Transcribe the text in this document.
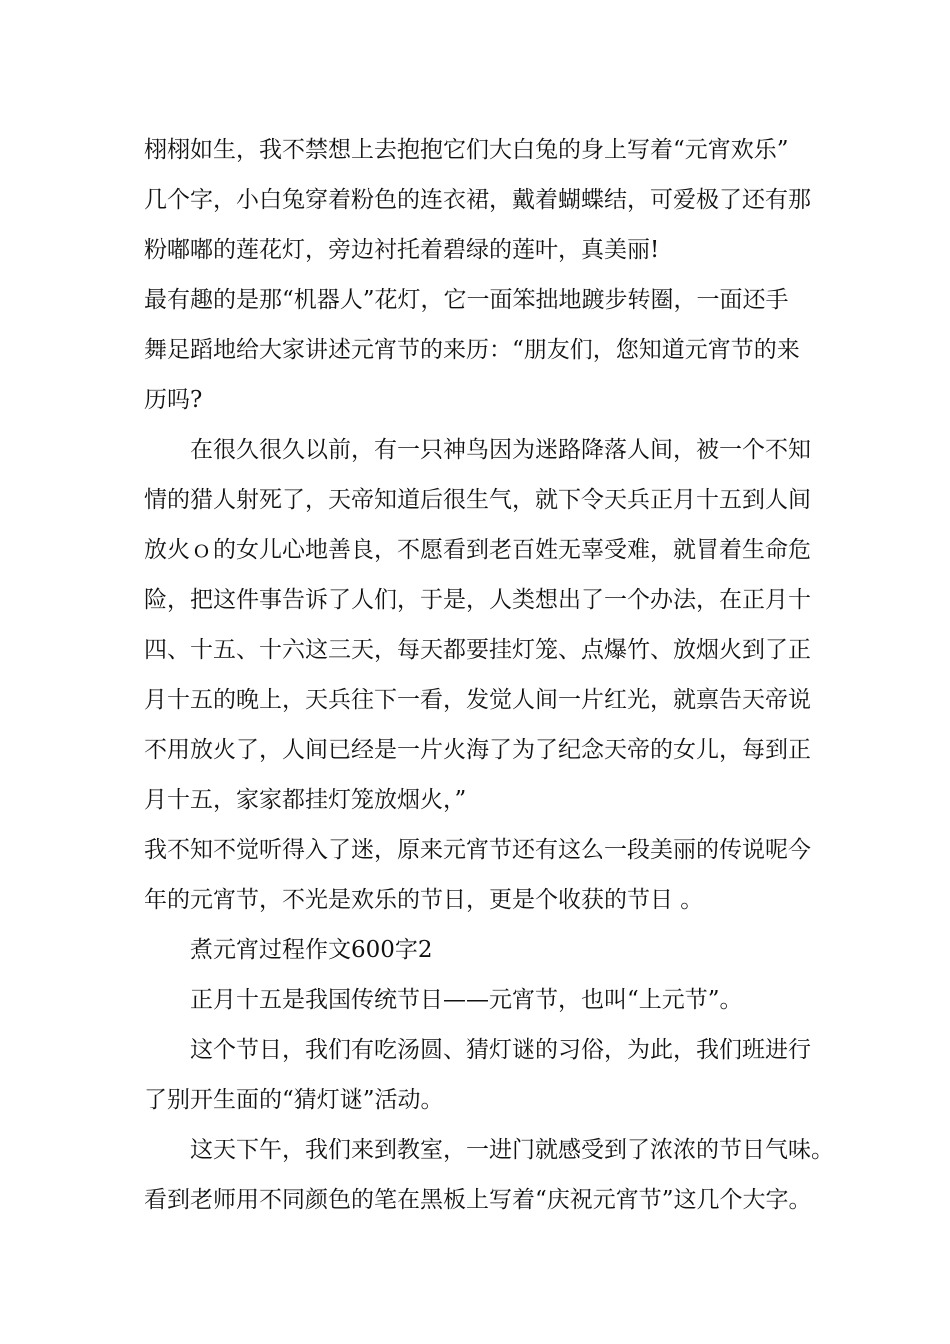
栩栩如生，我不禁想上去抱抱它们大白兔的身上写着“元宵欢乐”
几个字，小白兔穿着粉色的连衣裙，戴着蝴蝶结，可爱极了还有那
粉嘟嘟的莲花灯，旁边衬托着碧绿的莲叶，真美丽!
最有趣的是那“机器人”花灯，它一面笨拙地踱步转圈，一面还手
舞足蹈地给大家讲述元宵节的来历：“朋友们，您知道元宵节的来
历吗?
在很久很久以前，有一只神鸟因为迷路降落人间，被一个不知
情的猎人射死了，天帝知道后很生气，就下令天兵正月十五到人间
放火ｏ的女儿心地善良，不愿看到老百姓无辜受难，就冒着生命危
险，把这件事告诉了人们，于是，人类想出了一个办法，在正月十
四、十五、十六这三天，每天都要挂灯笼、点爆竹、放烟火到了正
月十五的晚上，天兵往下一看，发觉人间一片红光，就禀告天帝说
不用放火了，人间已经是一片火海了为了纪念天帝的女儿，每到正
月十五，家家都挂灯笼放烟火，”
我不知不觉听得入了迷，原来元宵节还有这么一段美丽的传说呢今
年的元宵节，不光是欢乐的节日，更是个收获的节日 。
煮元宵过程作文600字2
正月十五是我国传统节日——元宵节，也叫“上元节”。
这个节日，我们有吃汤圆、猜灯谜的习俗，为此，我们班进行
了别开生面的“猜灯谜”活动。
这天下午，我们来到教室，一进门就感受到了浓浓的节日气味。
看到老师用不同颜色的笔在黑板上写着“庆祝元宵节”这几个大字。
